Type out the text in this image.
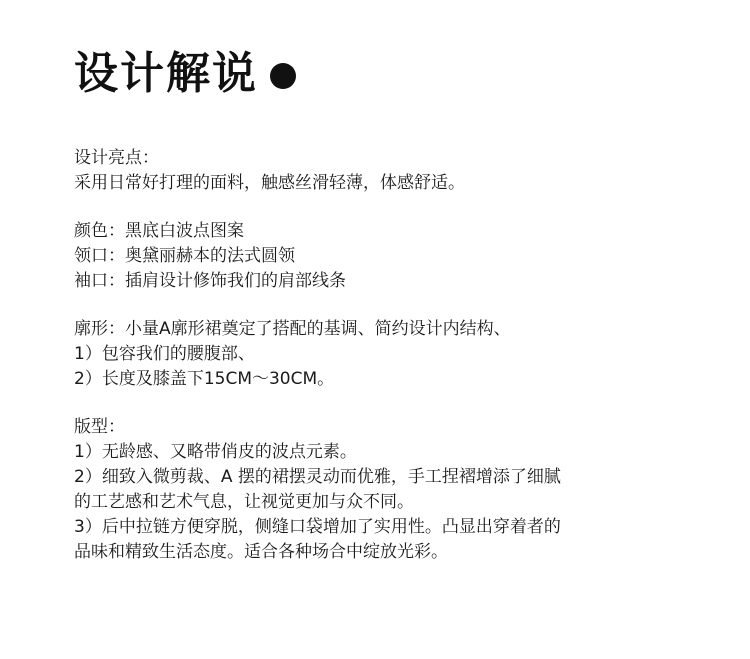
设计解说
设计亮点：
采用日常好打理的面料，触感丝滑轻薄，体感舒适。
颜色：黑底白波点图案
领口：奥黛丽赫本的法式圆领
袖口：插肩设计修饰我们的肩部线条
廓形：小量A廓形裙奠定了搭配的基调、简约设计内结构、
1）包容我们的腰腹部、
2）长度及膝盖下15CM～30CM。
版型：
1）无龄感、又略带俏皮的波点元素。
2）细致入微剪裁、A 摆的裙摆灵动而优雅，手工捏褶增添了细腻
的工艺感和艺术气息，让视觉更加与众不同。
3）后中拉链方便穿脱，侧缝口袋增加了实用性。凸显出穿着者的
品味和精致生活态度。适合各种场合中绽放光彩。
